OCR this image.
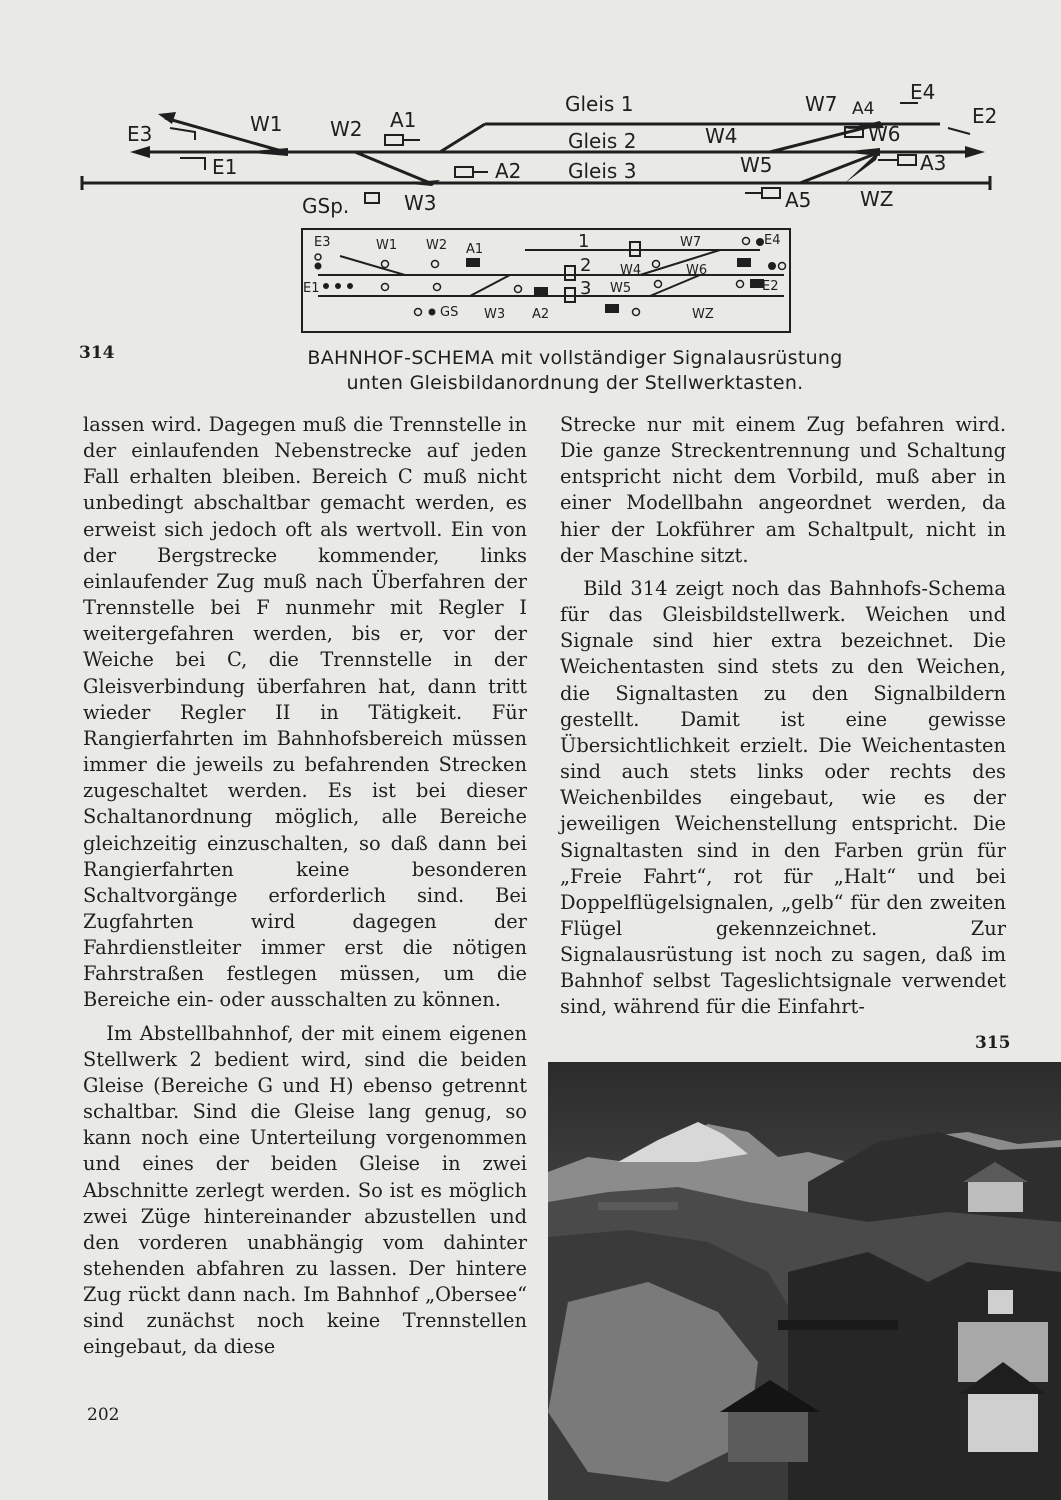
E3	W1 W2 A1
Gleis 1	W7 A4
E4
E2
W6
Gleis 2	W4
E1	A2 Gleis 3	W5	A3
GSp.	W3	A5 WZ
E3	W1 W2 A1	1	W7	E4
2 W4	W6
E1	3 W5	E2
GS W3 A2	WZ
314	BAHNHOF-SCHEMA mit vollständiger Signalausrüstung
unten Gleisbildanordnung der Stellwerktasten.

lassen wird. Dagegen muß die Trennstelle in der einlaufenden Nebenstrecke auf jeden Fall erhalten bleiben. Bereich C muß nicht unbedingt abschaltbar gemacht werden, es erweist sich jedoch oft als wertvoll. Ein von der Bergstrecke kommender, links einlaufender Zug muß nach Überfahren der Trennstelle bei F nunmehr mit Regler I weitergefahren werden, bis er, vor der Weiche bei C, die Trennstelle in der Gleisverbindung überfahren hat, dann tritt wieder Regler II in Tätigkeit. Für Rangierfahrten im Bahnhofsbereich müssen immer die jeweils zu befahrenden Strecken zugeschaltet werden. Es ist bei dieser Schaltanordnung möglich, alle Bereiche gleichzeitig einzuschalten, so daß dann bei Rangierfahrten keine besonderen Schaltvorgänge erforderlich sind. Bei Zugfahrten wird dagegen der Fahrdienstleiter immer erst die nötigen Fahrstraßen festlegen müssen, um die Bereiche ein- oder ausschalten zu können.

Im Abstellbahnhof, der mit einem eigenen Stellwerk 2 bedient wird, sind die beiden Gleise (Bereiche G und H) ebenso getrennt schaltbar. Sind die Gleise lang genug, so kann noch eine Unterteilung vorgenommen und eines der beiden Gleise in zwei Abschnitte zerlegt werden. So ist es möglich zwei Züge hintereinander abzustellen und den vorderen unabhängig vom dahinter stehenden abfahren zu lassen. Der hintere Zug rückt dann nach. Im Bahnhof „Obersee“ sind zunächst noch keine Trennstellen eingebaut, da diese

Strecke nur mit einem Zug befahren wird. Die ganze Streckentrennung und Schaltung entspricht nicht dem Vorbild, muß aber in einer Modellbahn angeordnet werden, da hier der Lokführer am Schaltpult, nicht in der Maschine sitzt.

Bild 314 zeigt noch das Bahnhofs-Schema für das Gleisbildstellwerk. Weichen und Signale sind hier extra bezeichnet. Die Weichentasten sind stets zu den Weichen, die Signaltasten zu den Signalbildern gestellt. Damit ist eine gewisse Übersichtlichkeit erzielt. Die Weichentasten sind auch stets links oder rechts des Weichenbildes eingebaut, wie es der jeweiligen Weichenstellung entspricht. Die Signaltasten sind in den Farben grün für „Freie Fahrt“, rot für „Halt“ und bei Doppelflügelsignalen, „gelb“ für den zweiten Flügel gekennzeichnet. Zur Signalausrüstung ist noch zu sagen, daß im Bahnhof selbst Tageslichtsignale verwendet sind, während für die Einfahrt-

315
202
